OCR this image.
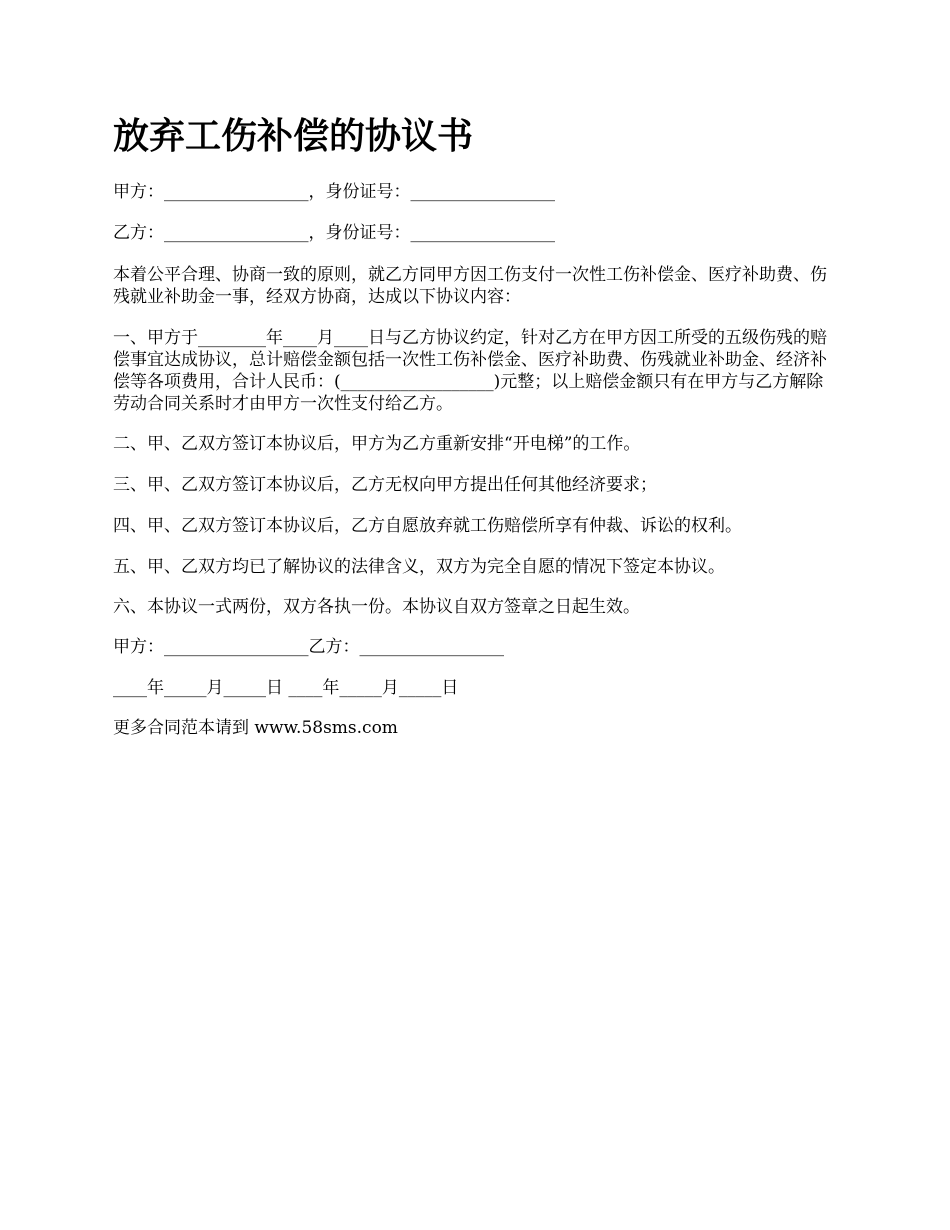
放弃工伤补偿的协议书
甲方：_________________，身份证号：_________________
乙方：_________________，身份证号：_________________
本着公平合理、协商一致的原则，就乙方同甲方因工伤支付一次性工伤补偿金、医疗补助费、伤残就业补助金一事，经双方协商，达成以下协议内容：
一、甲方于________年____月____日与乙方协议约定，针对乙方在甲方因工所受的五级伤残的赔偿事宜达成协议，总计赔偿金额包括一次性工伤补偿金、医疗补助费、伤残就业补助金、经济补偿等各项费用，合计人民币：(__________________)元整；以上赔偿金额只有在甲方与乙方解除劳动合同关系时才由甲方一次性支付给乙方。
二、甲、乙双方签订本协议后，甲方为乙方重新安排“开电梯”的工作。
三、甲、乙双方签订本协议后，乙方无权向甲方提出任何其他经济要求；
四、甲、乙双方签订本协议后，乙方自愿放弃就工伤赔偿所享有仲裁、诉讼的权利。
五、甲、乙双方均已了解协议的法律含义，双方为完全自愿的情况下签定本协议。
六、本协议一式两份，双方各执一份。本协议自双方签章之日起生效。
甲方：_________________乙方：_________________
____年_____月_____日 ____年_____月_____日
更多合同范本请到 www.58sms.com
